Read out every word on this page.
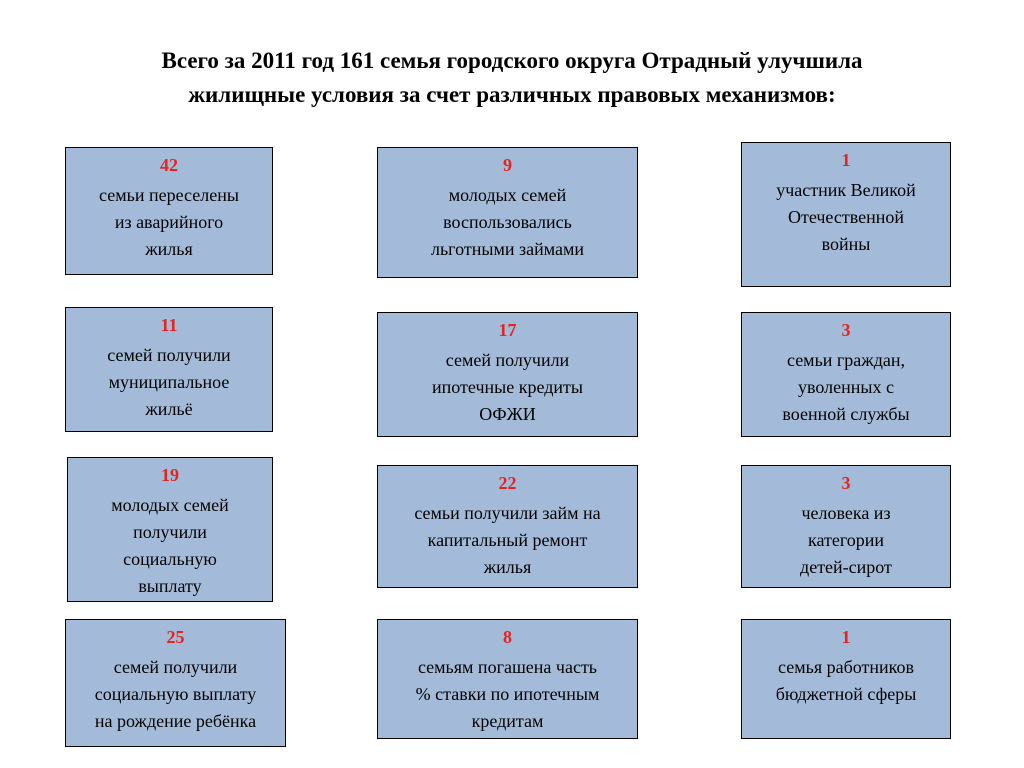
Всего за 2011 год 161 семья городского округа Отрадный улучшила
жилищные условия за счет различных правовых механизмов:
42
семьи переселены
из аварийного
жилья
9
молодых семей
воспользовались
льготными займами
1
участник Великой
Отечественной
войны
11
семей получили
муниципальное
жильё
17
семей получили
ипотечные кредиты
ОФЖИ
3
семьи граждан,
уволенных с
военной службы
19
молодых семей
получили
социальную
выплату
22
семьи получили займ на
капитальный ремонт
жилья
3
человека из
категории
детей-сирот
25
семей получили
социальную выплату
на рождение ребёнка
8
семьям погашена часть
% ставки по ипотечным
кредитам
1
семья работников
бюджетной сферы
